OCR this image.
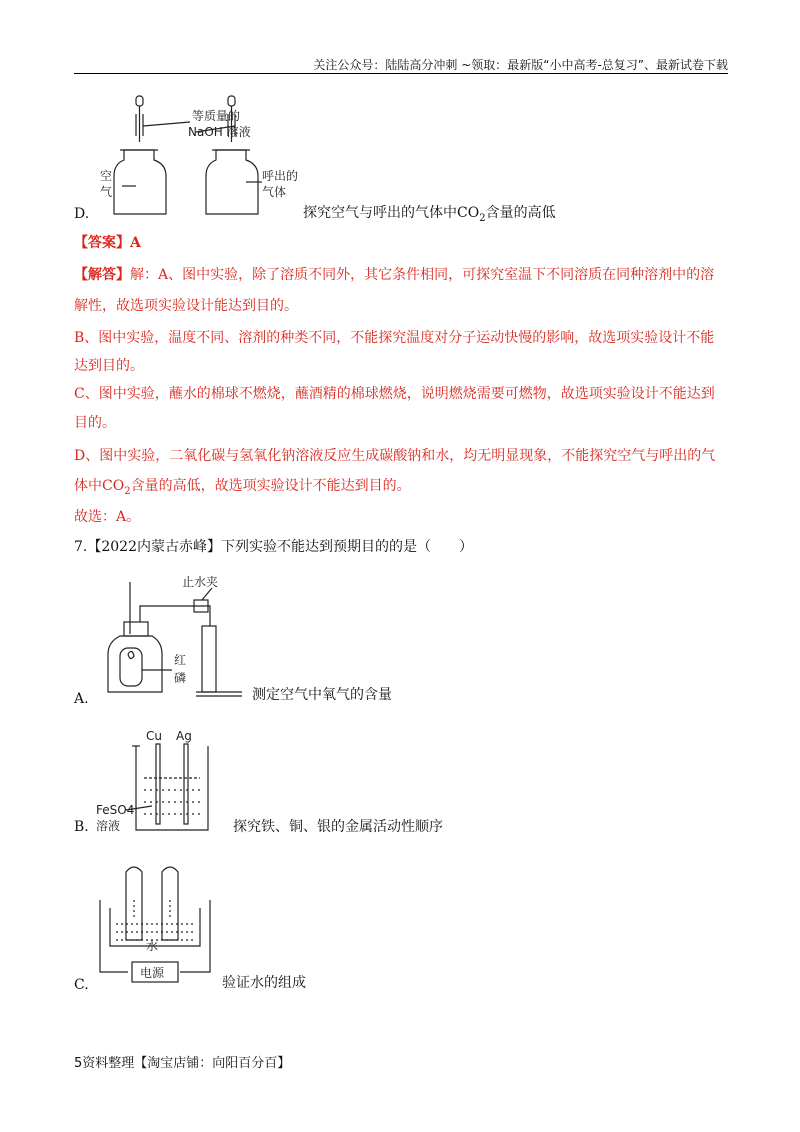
关注公众号：陆陆高分冲刺 ~领取：最新版“小中高考-总复习”、最新试卷下载
等质量的
NaOH 溶液
空
气
呼出的
气体
D.	探究空气与呼出的气体中$CO_2$含量的高低
【答案】A
【解答】解：A、图中实验，除了溶质不同外，其它条件相同，可探究室温下不同溶质在同种溶剂中的溶
解性，故选项实验设计能达到目的。
B、图中实验，温度不同、溶剂的种类不同，不能探究温度对分子运动快慢的影响，故选项实验设计不能
达到目的。
C、图中实验，蘸水的棉球不燃烧，蘸酒精的棉球燃烧，说明燃烧需要可燃物，故选项实验设计不能达到
目的。
D、图中实验，二氧化碳与氢氧化钠溶液反应生成碳酸钠和水，均无明显现象，不能探究空气与呼出的气
体中$CO_2$含量的高低，故选项实验设计不能达到目的。
故选：A。
7.【2022内蒙古赤峰】下列实验不能达到预期目的的是（　　）
止水夹
红
磷
A.	测定空气中氧气的含量
Cu Ag
FeSO4
溶液
B.	探究铁、铜、银的金属活动性顺序
水
电源
C.	验证水的组成
5资料整理【淘宝店铺：向阳百分百】
